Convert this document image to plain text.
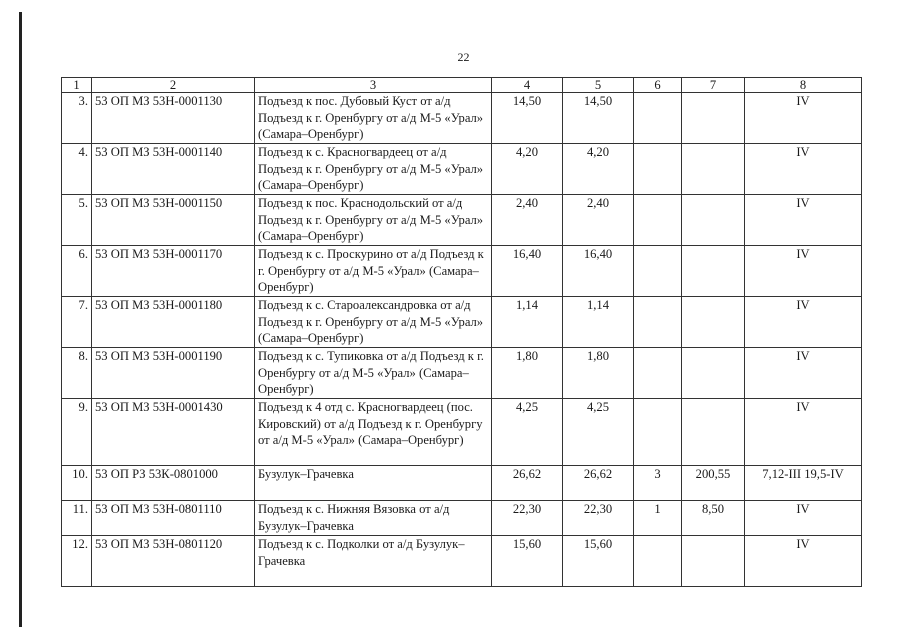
22
1	2	3	4	5	6	7	8
3.	53 ОП МЗ 53Н-0001130	Подъезд к пос. Дубовый Куст от а/д Подъезд к г. Оренбургу от а/д М-5 «Урал» (Самара–Оренбург)	14,50	14,50			IV
4.	53 ОП МЗ 53Н-0001140	Подъезд к с. Красногвардеец от а/д Подъезд к г. Оренбургу от а/д М-5 «Урал» (Самара–Оренбург)	4,20	4,20			IV
5.	53 ОП МЗ 53Н-0001150	Подъезд к пос. Краснодольский от а/д Подъезд к г. Оренбургу от а/д М-5 «Урал» (Самара–Оренбург)	2,40	2,40			IV
6.	53 ОП МЗ 53Н-0001170	Подъезд к с. Проскурино от а/д Подъезд к г. Оренбургу от а/д М-5 «Урал» (Самара–Оренбург)	16,40	16,40			IV
7.	53 ОП МЗ 53Н-0001180	Подъезд к с. Староалександровка от а/д Подъезд к г. Оренбургу от а/д М-5 «Урал» (Самара–Оренбург)	1,14	1,14			IV
8.	53 ОП МЗ 53Н-0001190	Подъезд к с. Тупиковка от а/д Подъезд к г. Оренбургу от а/д М-5 «Урал» (Самара–Оренбург)	1,80	1,80			IV
9.	53 ОП МЗ 53Н-0001430	Подъезд к 4 отд с. Красногвардеец (пос. Кировский) от а/д Подъезд к г. Оренбургу от а/д М-5 «Урал» (Самара–Оренбург)	4,25	4,25			IV
10.	53 ОП РЗ 53К-0801000	Бузулук–Грачевка	26,62	26,62	3	200,55	7,12-III 19,5-IV
11.	53 ОП МЗ 53Н-0801110	Подъезд к с. Нижняя Вязовка от а/д Бузулук–Грачевка	22,30	22,30	1	8,50	IV
12.	53 ОП МЗ 53Н-0801120	Подъезд к с. Подколки от а/д Бузулук–Грачевка	15,60	15,60			IV
